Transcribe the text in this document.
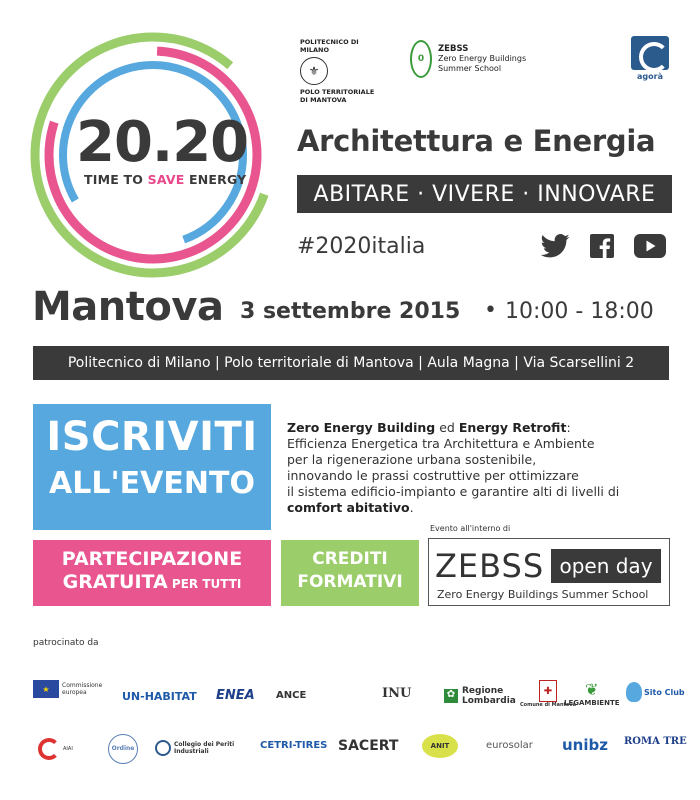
20.20
TIME TO SAVE ENERGY
POLITECNICO DI MILANO
⚜
POLO TERRITORIALE DI MANTOVA
0
ZEBSS
Zero Energy Buildings
Summer School
agorà
Architettura e Energia
ABITARE · VIVERE · INNOVARE
#2020italia
Mantova 3 settembre 2015 • 10:00 - 18:00
Politecnico di Milano | Polo territoriale di Mantova | Aula Magna | Via Scarsellini 2
ISCRIVITI
ALL'EVENTO
Zero Energy Building ed Energy Retrofit:
Efficienza Energetica tra Architettura e Ambiente
per la rigenerazione urbana sostenibile,
innovando le prassi costruttive per ottimizzare
il sistema edificio-impianto e garantire alti di livelli di
comfort abitativo.
PARTECIPAZIONE
GRATUITA PER TUTTI
CREDITI
FORMATIVI
Evento all'interno di
ZEBSS open day
Zero Energy Buildings Summer School
patrocinato da
★	Commissione europea	UN-HABITAT ENEA ANCE	INU	✿ Regione Lombardia
✚
Comune di Mantova
❦
LEGAMBIENTE
Sito Club
AIAI	Ordine
Collegio dei Periti Industriali
CETRI-TIRES SACERT	ANIT	eurosolar unibz ROMA TRE
